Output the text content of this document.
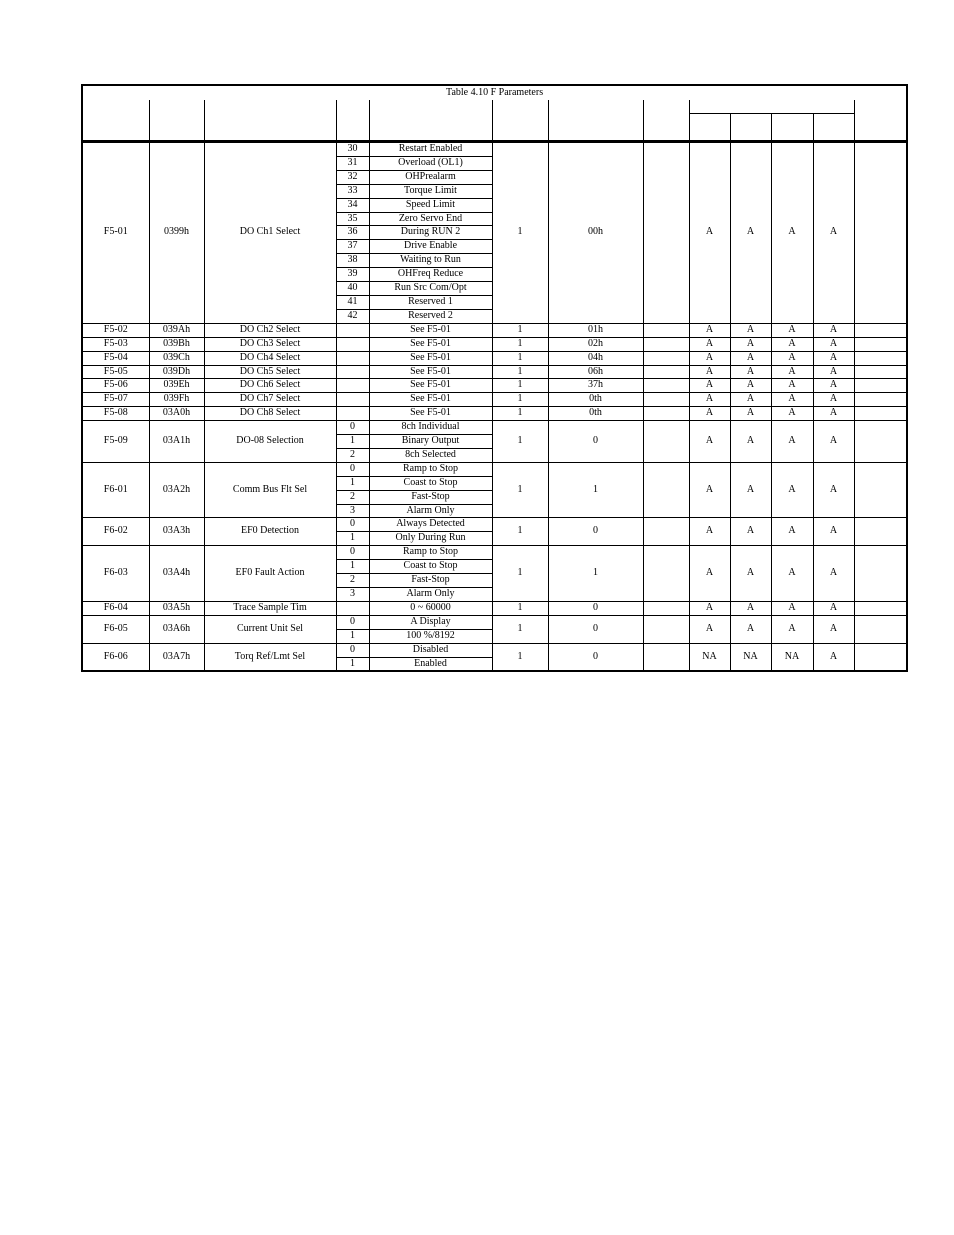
Table 4.10 F Parameters												

F5-01	0399h	DO Ch1 Select	30	Restart Enabled	1	00h		A	A	A	A	
			31	Overload (OL1)								
			32	OHPrealarm								
			33	Torque Limit								
			34	Speed Limit								
			35	Zero Servo End								
			36	During RUN 2								
			37	Drive Enable								
			38	Waiting to Run								
			39	OHFreq Reduce								
			40	Run Src Com/Opt								
			41	Reserved 1								
			42	Reserved 2								
F5-02	039Ah	DO Ch2 Select		See F5-01	1	01h		A	A	A	A	
F5-03	039Bh	DO Ch3 Select		See F5-01	1	02h		A	A	A	A	
F5-04	039Ch	DO Ch4 Select		See F5-01	1	04h		A	A	A	A	
F5-05	039Dh	DO Ch5 Select		See F5-01	1	06h		A	A	A	A	
F5-06	039Eh	DO Ch6 Select		See F5-01	1	37h		A	A	A	A	
F5-07	039Fh	DO Ch7 Select		See F5-01	1	0th		A	A	A	A	
F5-08	03A0h	DO Ch8 Select		See F5-01	1	0th		A	A	A	A	
F5-09	03A1h	DO-08 Selection	0	8ch Individual	1	0		A	A	A	A	
			1	Binary Output								
			2	8ch Selected								
F6-01	03A2h	Comm Bus Flt Sel	0	Ramp to Stop	1	1		A	A	A	A	
			1	Coast to Stop								
			2	Fast-Stop								
			3	Alarm Only								
F6-02	03A3h	EF0 Detection	0	Always Detected	1	0		A	A	A	A	
			1	Only During Run								
F6-03	03A4h	EF0 Fault Action	0	Ramp to Stop	1	1		A	A	A	A	
			1	Coast to Stop								
			2	Fast-Stop								
			3	Alarm Only								
F6-04	03A5h	Trace Sample Tim		0 ~ 60000	1	0		A	A	A	A	
F6-05	03A6h	Current Unit Sel	0	A Display	1	0		A	A	A	A	
			1	100 %/8192								
F6-06	03A7h	Torq Ref/Lmt Sel	0	Disabled	1	0		NA	NA	NA	A	
			1	Enabled								
